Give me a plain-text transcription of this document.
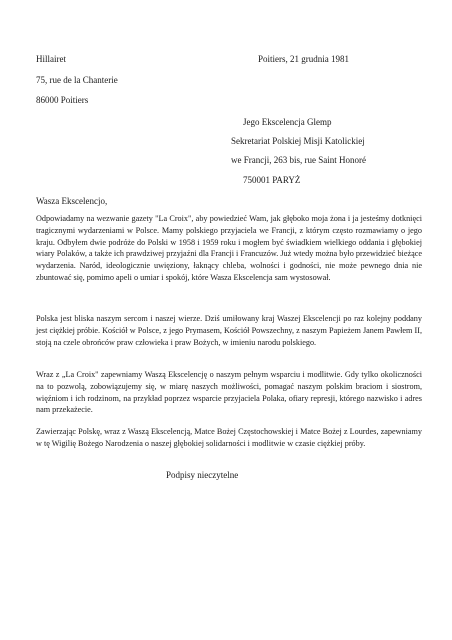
Hillairet	Poitiers, 21 grudnia 1981
75, rue de la Chanterie
86000 Poitiers
Jego Ekscelencja Glemp
Sekretariat Polskiej Misji Katolickiej
we Francji, 263 bis, rue Saint Honoré
750001 PARYŻ
Wasza Ekscelencjo,
Odpowiadamy na wezwanie gazety "La Croix", aby powiedzieć Wam, jak głęboko moja żona i ja jesteśmy dotknięci tragicznymi wydarzeniami w Polsce. Mamy polskiego przyjaciela we Francji, z którym często rozmawiamy o jego kraju. Odbyłem dwie podróże do Polski w 1958 i 1959 roku i mogłem być świadkiem wielkiego oddania i głębokiej wiary Polaków, a także ich prawdziwej przyjaźni dla Francji i Francuzów. Już wtedy można było przewidzieć bieżące wydarzenia. Naród, ideologicznie uwięziony, łaknący chleba, wolności i godności, nie może pewnego dnia nie zbuntować się, pomimo apeli o umiar i spokój, które Wasza Ekscelencja sam wystosował.
Polska jest bliska naszym sercom i naszej wierze. Dziś umiłowany kraj Waszej Ekscelencji po raz kolejny poddany jest ciężkiej próbie. Kościół w Polsce, z jego Prymasem, Kościół Powszechny, z naszym Papieżem Janem Pawłem II, stoją na czele obrońców praw człowieka i praw Bożych, w imieniu narodu polskiego.
Wraz z „La Croix" zapewniamy Waszą Ekscelencję o naszym pełnym wsparciu i modlitwie. Gdy tylko okoliczności na to pozwolą, zobowiązujemy się, w miarę naszych możliwości, pomagać naszym polskim braciom i siostrom, więźniom i ich rodzinom, na przykład poprzez wsparcie przyjaciela Polaka, ofiary represji, którego nazwisko i adres nam przekażecie.
Zawierzając Polskę, wraz z Waszą Ekscelencją, Matce Bożej Częstochowskiej i Matce Bożej z Lourdes, zapewniamy w tę Wigilię Bożego Narodzenia o naszej głębokiej solidarności i modlitwie w czasie ciężkiej próby.
Podpisy nieczytelne
